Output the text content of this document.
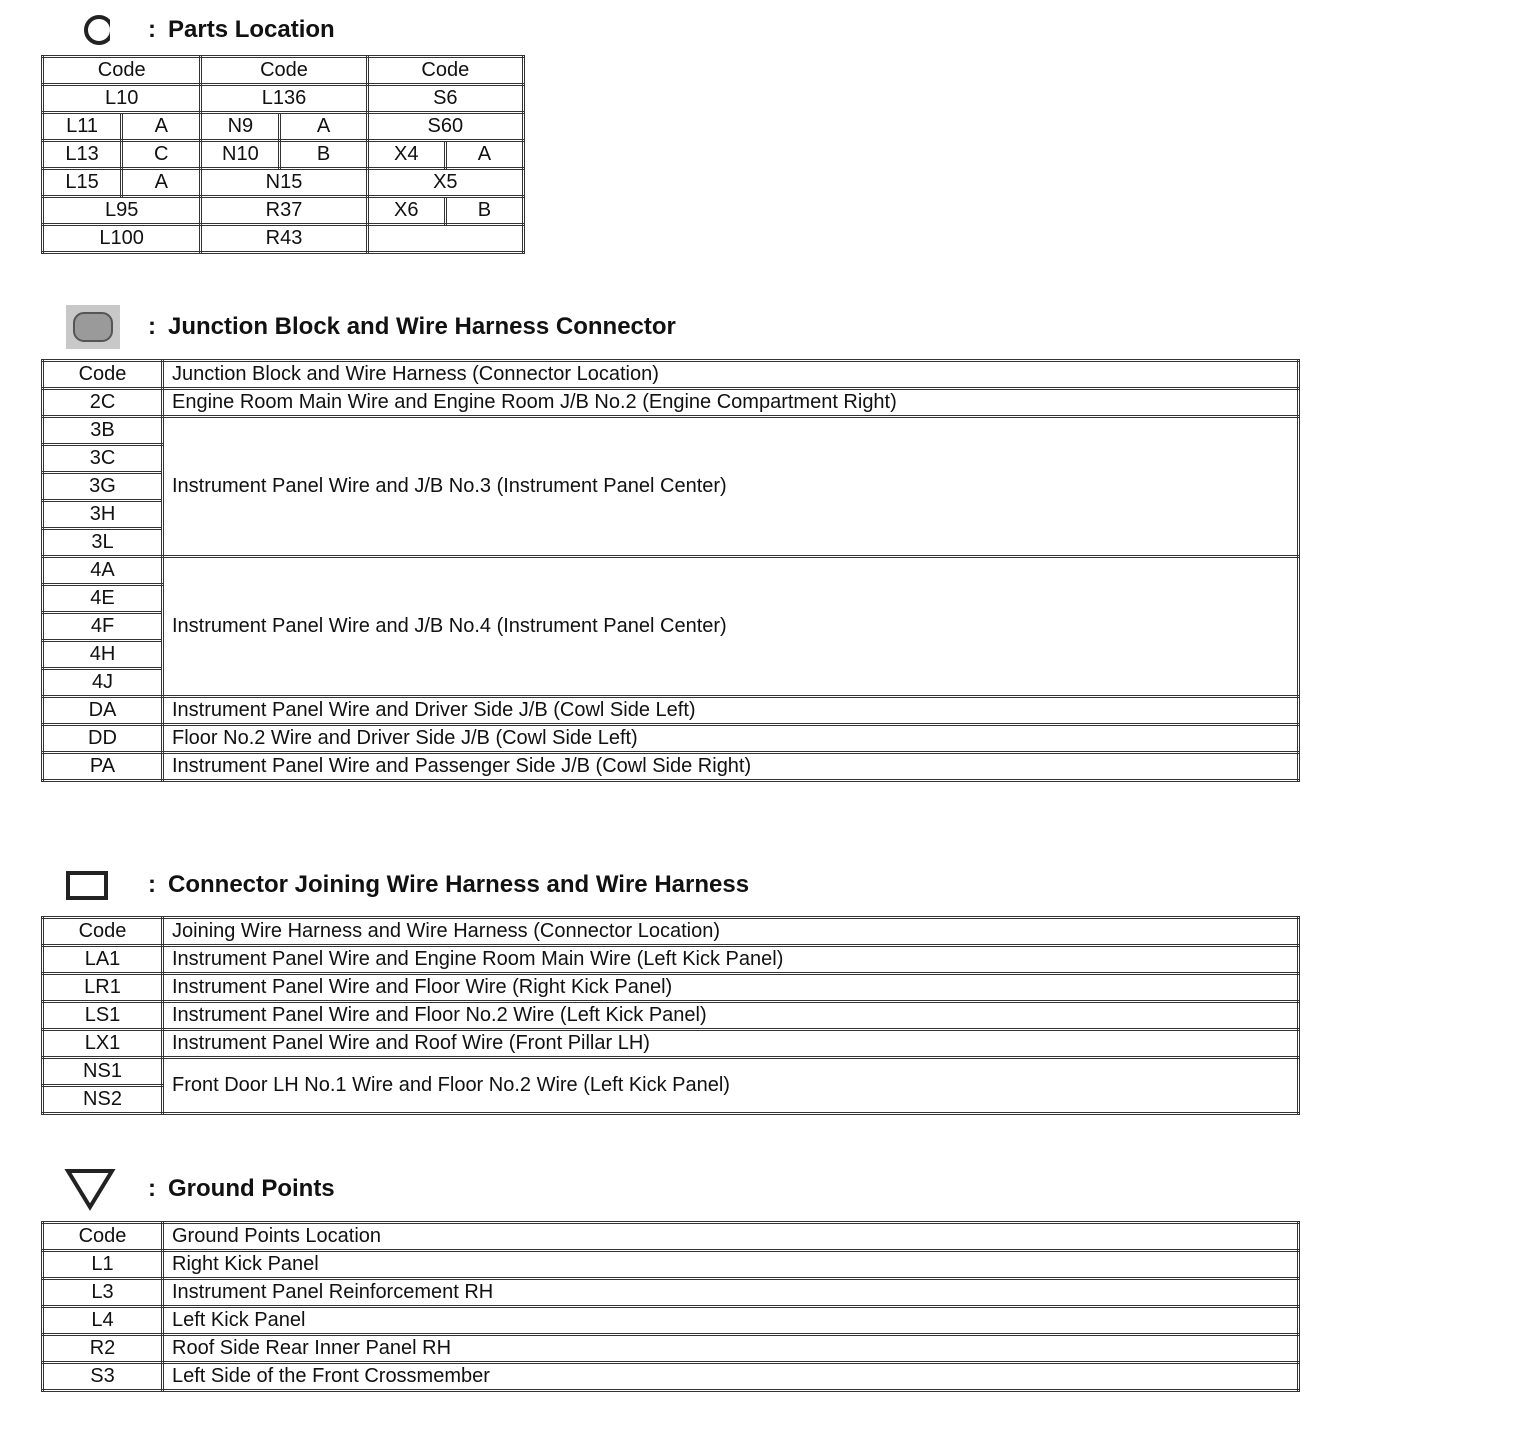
: Parts Location
Code		Code		Code	
L10		L136		S6	
L11	A	N9	A	S60	
L13	C	N10	B	X4	A
L15	A	N15		X5	
L95		R37		X6	B
L100		R43			
: Junction Block and Wire Harness Connector
Code	Junction Block and Wire Harness (Connector Location)
2C	Engine Room Main Wire and Engine Room J/B No.2 (Engine Compartment Right)
3B	Instrument Panel Wire and J/B No.3 (Instrument Panel Center)
3C	
3G	
3H	
3L	
4A	Instrument Panel Wire and J/B No.4 (Instrument Panel Center)
4E	
4F	
4H	
4J	
DA	Instrument Panel Wire and Driver Side J/B (Cowl Side Left)
DD	Floor No.2 Wire and Driver Side J/B (Cowl Side Left)
PA	Instrument Panel Wire and Passenger Side J/B (Cowl Side Right)
: Connector Joining Wire Harness and Wire Harness
Code	Joining Wire Harness and Wire Harness (Connector Location)
LA1	Instrument Panel Wire and Engine Room Main Wire (Left Kick Panel)
LR1	Instrument Panel Wire and Floor Wire (Right Kick Panel)
LS1	Instrument Panel Wire and Floor No.2 Wire (Left Kick Panel)
LX1	Instrument Panel Wire and Roof Wire (Front Pillar LH)
NS1	Front Door LH No.1 Wire and Floor No.2 Wire (Left Kick Panel)
NS2	
: Ground Points
Code	Ground Points Location
L1	Right Kick Panel
L3	Instrument Panel Reinforcement RH
L4	Left Kick Panel
R2	Roof Side Rear Inner Panel RH
S3	Left Side of the Front Crossmember
